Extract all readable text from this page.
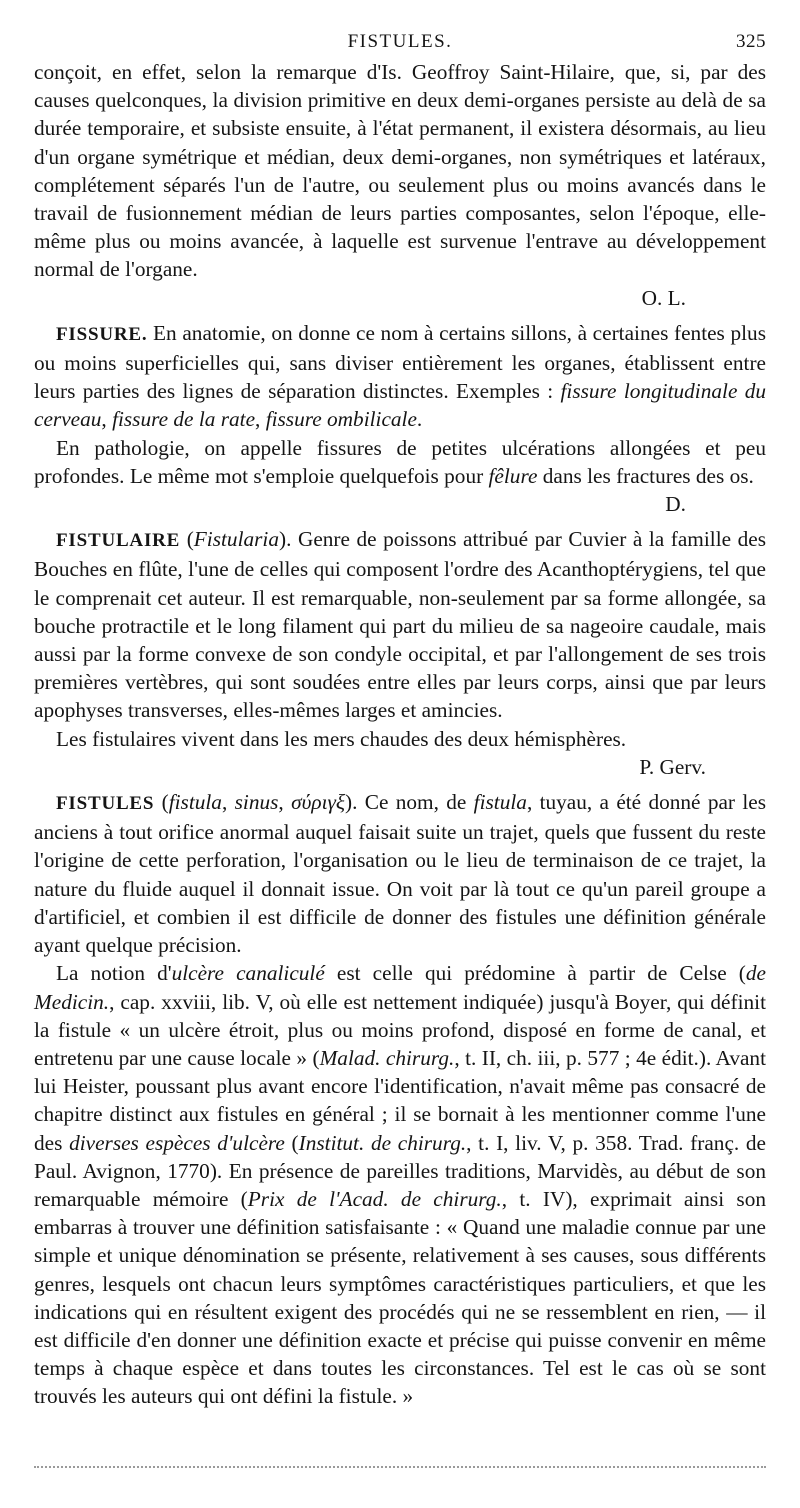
FISTULES.	325

conçoit, en effet, selon la remarque d'Is. Geoffroy Saint-Hilaire, que, si, par des causes quelconques, la division primitive en deux demi-organes persiste au delà de sa durée temporaire, et subsiste ensuite, à l'état permanent, il existera désormais, au lieu d'un organe symétrique et médian, deux demi-organes, non symétriques et latéraux, complétement séparés l'un de l'autre, ou seulement plus ou moins avancés dans le travail de fusionnement médian de leurs parties composantes, selon l'époque, elle-même plus ou moins avancée, à laquelle est survenue l'entrave au développement normal de l'organe.

O. L.

FISSURE. En anatomie, on donne ce nom à certains sillons, à certaines fentes plus ou moins superficielles qui, sans diviser entièrement les organes, établissent entre leurs parties des lignes de séparation distinctes. Exemples : fissure longitudinale du cerveau, fissure de la rate, fissure ombilicale.

En pathologie, on appelle fissures de petites ulcérations allongées et peu profondes. Le même mot s'emploie quelquefois pour fêlure dans les fractures des os.

D.

FISTULAIRE (Fistularia). Genre de poissons attribué par Cuvier à la famille des Bouches en flûte, l'une de celles qui composent l'ordre des Acanthoptérygiens, tel que le comprenait cet auteur. Il est remarquable, non-seulement par sa forme allongée, sa bouche protractile et le long filament qui part du milieu de sa nageoire caudale, mais aussi par la forme convexe de son condyle occipital, et par l'allongement de ses trois premières vertèbres, qui sont soudées entre elles par leurs corps, ainsi que par leurs apophyses transverses, elles-mêmes larges et amincies.

Les fistulaires vivent dans les mers chaudes des deux hémisphères.

P. Gerv.

FISTULES (fistula, sinus, σύριγξ). Ce nom, de fistula, tuyau, a été donné par les anciens à tout orifice anormal auquel faisait suite un trajet, quels que fussent du reste l'origine de cette perforation, l'organisation ou le lieu de terminaison de ce trajet, la nature du fluide auquel il donnait issue. On voit par là tout ce qu'un pareil groupe a d'artificiel, et combien il est difficile de donner des fistules une définition générale ayant quelque précision.

La notion d'ulcère canaliculé est celle qui prédomine à partir de Celse (de Medicin., cap. xxviii, lib. V, où elle est nettement indiquée) jusqu'à Boyer, qui définit la fistule « un ulcère étroit, plus ou moins profond, disposé en forme de canal, et entretenu par une cause locale » (Malad. chirurg., t. II, ch. iii, p. 577 ; 4e édit.). Avant lui Heister, poussant plus avant encore l'identification, n'avait même pas consacré de chapitre distinct aux fistules en général ; il se bornait à les mentionner comme l'une des diverses espèces d'ulcère (Institut. de chirurg., t. I, liv. V, p. 358. Trad. franç. de Paul. Avignon, 1770). En présence de pareilles traditions, Marvidès, au début de son remarquable mémoire (Prix de l'Acad. de chirurg., t. IV), exprimait ainsi son embarras à trouver une définition satisfaisante : « Quand une maladie connue par une simple et unique dénomination se présente, relativement à ses causes, sous différents genres, lesquels ont chacun leurs symptômes caractéristiques particuliers, et que les indications qui en résultent exigent des procédés qui ne se ressemblent en rien, — il est difficile d'en donner une définition exacte et précise qui puisse convenir en même temps à chaque espèce et dans toutes les circonstances. Tel est le cas où se sont trouvés les auteurs qui ont défini la fistule. »
